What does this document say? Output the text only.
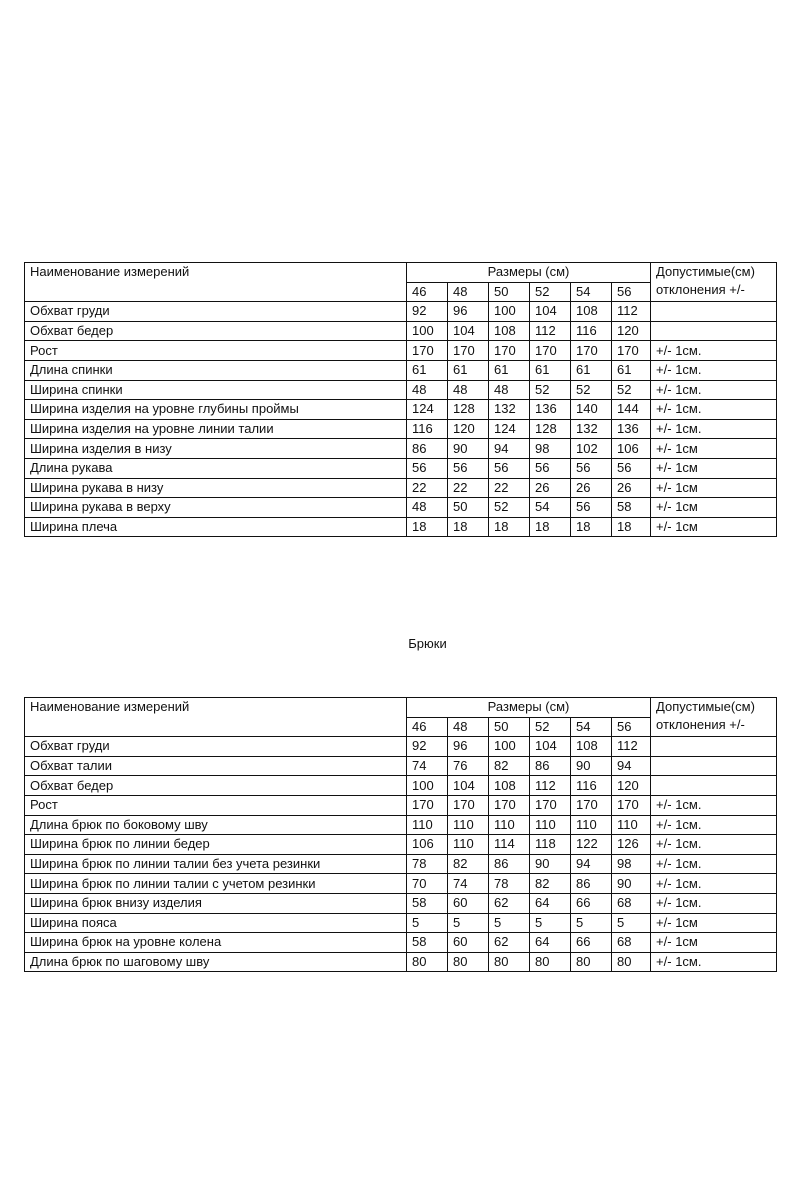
Наименование измерений	Размеры (см)						Допустимые(см)
отклонения +/-

	46	48	50	52	54	56	
Обхват груди	92	96	100	104	108	112	
Обхват бедер	100	104	108	112	116	120	
Рост	170	170	170	170	170	170	+/- 1см.
Длина спинки	61	61	61	61	61	61	+/- 1см.
Ширина спинки	48	48	48	52	52	52	+/- 1см.
Ширина изделия на уровне глубины проймы	124	128	132	136	140	144	+/- 1см.
Ширина изделия на уровне линии талии	116	120	124	128	132	136	+/- 1см.
Ширина изделия в низу	86	90	94	98	102	106	+/- 1см
Длина рукава	56	56	56	56	56	56	+/- 1см
Ширина рукава в низу	22	22	22	26	26	26	+/- 1см
Ширина рукава в верху	48	50	52	54	56	58	+/- 1см
Ширина плеча	18	18	18	18	18	18	+/- 1см
Брюки
Наименование измерений	Размеры (см)						Допустимые(см)
отклонения +/-

	46	48	50	52	54	56	
Обхват груди	92	96	100	104	108	112	
Обхват талии	74	76	82	86	90	94	
Обхват бедер	100	104	108	112	116	120	
Рост	170	170	170	170	170	170	+/- 1см.
Длина брюк по боковому шву	110	110	110	110	110	110	+/- 1см.
Ширина брюк по линии бедер	106	110	114	118	122	126	+/- 1см.
Ширина брюк по линии талии без учета резинки	78	82	86	90	94	98	+/- 1см.
Ширина брюк по линии талии с учетом резинки	70	74	78	82	86	90	+/- 1см.
Ширина брюк внизу изделия	58	60	62	64	66	68	+/- 1см.
Ширина пояса	5	5	5	5	5	5	+/- 1см
Ширина брюк на уровне колена	58	60	62	64	66	68	+/- 1см
Длина брюк по шаговому шву	80	80	80	80	80	80	+/- 1см.
